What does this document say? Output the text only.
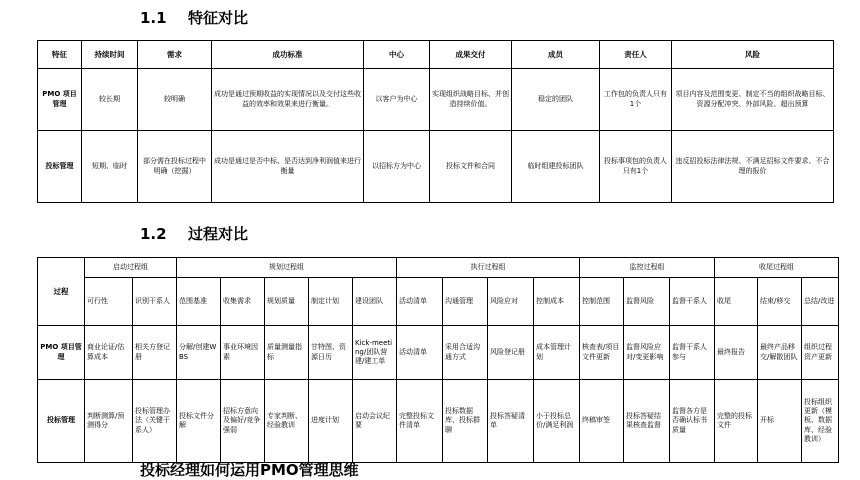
1.1 特征对比
特征	持续时间	需求	成功标准	中心	成果交付	成员	责任人	风险
PMO 项目管理	较长期	较明确	成功是通过预期收益的实现情况以及交付这些收益的效率和效果来进行衡量。	以客户为中心	实现组织战略目标、并创造持续价值。	稳定的团队	工作包的负责人只有1个	项目内容及范围变更、制定不当的组织战略目标、资源分配冲突、外部风险、超出预算
投标管理	短期、临时	部分需在投标过程中明确（挖掘）	成功是通过是否中标、是否达到净利润值来进行衡量	以招标方为中心	投标文件和合同	临时组建投标团队	投标事项包的负责人只有1个	违反招投标法律法规、不满足招标文件要求、不合理的报价
1.2 过程对比
过程	启动过程组		规划过程组					执行过程组				监控过程组			收尾过程组		
	可行性	识别干系人	范围基准	收集需求	规划质量	制定计划	建设团队	活动清单	沟通管理	风险应对	控制成本	控制范围	监督风险	监督干系人	收尾	结束/移交	总结/改进
PMO 项目管理	商业论证/估算成本	相关方登记册	分解/创建WBS	事业环境因素	质量测量指标	甘特图、资源日历	Kick-meeting/团队营建/建工单	活动清单	采用合适沟通方式	风险登记册	成本管理计划	核查表/项目文件更新	监督风险应对/变更影响	监督干系人参与	最终报告	最终产品移交/解散团队	组织过程资产更新
投标管理	判断测算/预测得分	投标管理办法（关键干系人）	投标文件分解	招标方意向及偏好/竞争强弱	专家判断、经验教训	进度计划	启动会议纪要	完整投标文件清单	投标数据库、投标群聊	投标答疑清单	小于投标总价/满足利润	终稿审签	投标答疑结果核查监督	监督各方是否确认标书质量	完整的投标文件	开标	投标组织更新（模板、数据库、经验教训）
投标经理如何运用PMO管理思维
